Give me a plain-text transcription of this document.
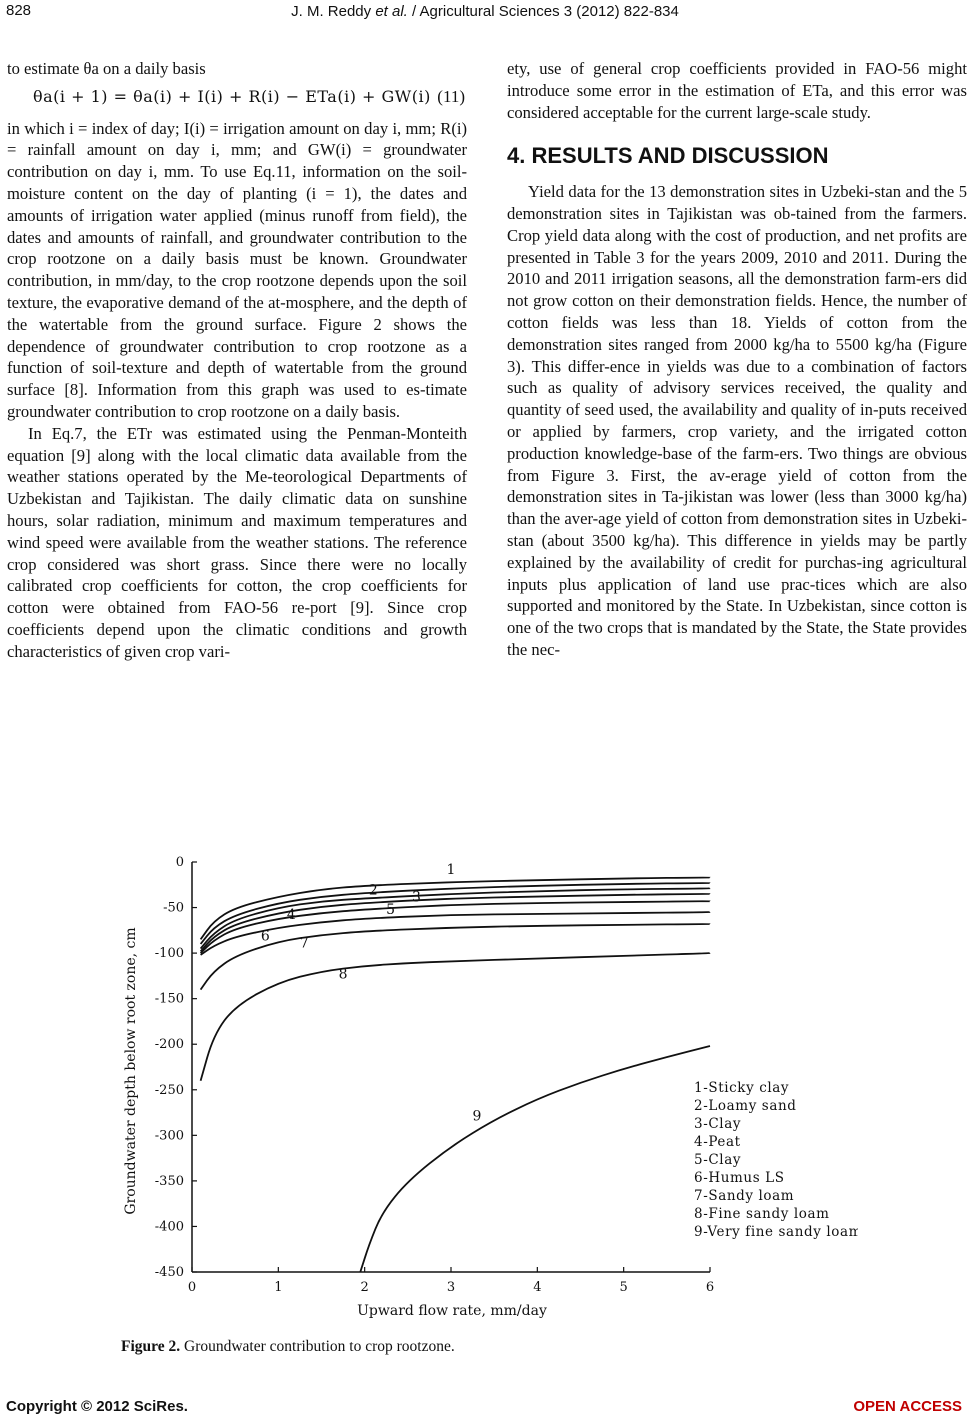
828	J. M. Reddy et al. / Agricultural Sciences 3 (2012) 822-834

to estimate θa on a daily basis

θa(i + 1) = θa(i) + I(i) + R(i) − ETa(i) + GW(i) (11)

in which i = index of day; I(i) = irrigation amount on day i, mm; R(i) = rainfall amount on day i, mm; and GW(i) = groundwater contribution on day i, mm. To use Eq.11, information on the soil-moisture content on the day of planting (i = 1), the dates and amounts of irrigation water applied (minus runoff from field), the dates and amounts of rainfall, and groundwater contribution to the crop rootzone on a daily basis must be known. Groundwater contribution, in mm/day, to the crop rootzone depends upon the soil texture, the evaporative demand of the at-mosphere, and the depth of the watertable from the ground surface. Figure 2 shows the dependence of groundwater contribution to crop rootzone as a function of soil-texture and depth of watertable from the ground surface [8]. Information from this graph was used to es-timate groundwater contribution to crop rootzone on a daily basis.

In Eq.7, the ETr was estimated using the Penman-Monteith equation [9] along with the local climatic data available from the weather stations operated by the Me-teorological Departments of Uzbekistan and Tajikistan. The daily climatic data on sunshine hours, solar radiation, minimum and maximum temperatures and wind speed were available from the weather stations. The reference crop considered was short grass. Since there were no locally calibrated crop coefficients for cotton, the crop coefficients for cotton were obtained from FAO-56 re-port [9]. Since crop coefficients depend upon the climatic conditions and growth characteristics of given crop vari-

ety, use of general crop coefficients provided in FAO-56 might introduce some error in the estimation of ETa, and this error was considered acceptable for the current large-scale study.

4. RESULTS AND DISCUSSION

Yield data for the 13 demonstration sites in Uzbeki-stan and the 5 demonstration sites in Tajikistan was ob-tained from the farmers. Crop yield data along with the cost of production, and net profits are presented in Table 3 for the years 2009, 2010 and 2011. During the 2010 and 2011 irrigation seasons, all the demonstration farm-ers did not grow cotton on their demonstration fields. Hence, the number of cotton fields was less than 18. Yields of cotton from the demonstration sites ranged from 2000 kg/ha to 5500 kg/ha (Figure 3). This differ-ence in yields was due to a combination of factors such as quality of advisory services received, the quality and quantity of seed used, the availability and quality of in-puts received or applied by farmers, crop variety, and the irrigated cotton production knowledge-base of the farm-ers. Two things are obvious from Figure 3. First, the av-erage yield of cotton from the demonstration sites in Ta-jikistan was lower (less than 3000 kg/ha) than the aver-age yield of cotton from demonstration sites in Uzbeki-stan (about 3500 kg/ha). This difference in yields may be partly explained by the availability of credit for purchas-ing agricultural inputs plus application of land use prac-tices which are also supported and monitored by the State. In Uzbekistan, since cotton is one of the two crops that is mandated by the State, the State provides the nec-

0
-50
-100
-150
-200
-250
-300
-350
-400
-450
0	1	2	3	4	5	6
1
2 3
4	5
6 7
8
9
1-Sticky clay
2-Loamy sand
3-Clay
4-Peat
5-Clay
6-Humus LS
7-Sandy loam
8-Fine sandy loam
9-Very fine sandy loam
Groundwater depth below root zone, cm
Upward flow rate, mm/day
Figure 2. Groundwater contribution to crop rootzone.
Copyright © 2012 SciRes.	OPEN ACCESS
